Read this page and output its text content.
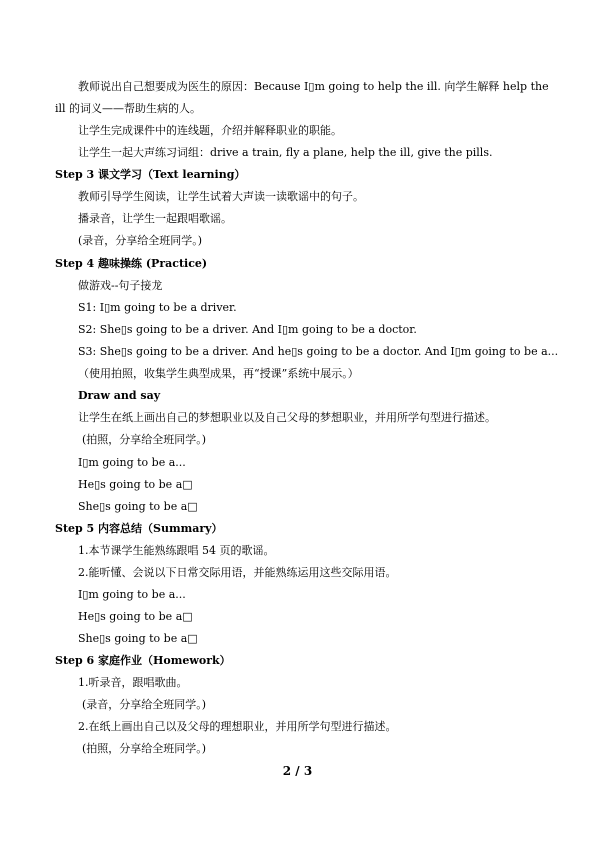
教师说出自己想要成为医生的原因：Because I▯m going to help the ill. 向学生解释 help the
ill 的词义——帮助生病的人。
让学生完成课件中的连线题，介绍并解释职业的职能。
让学生一起大声练习词组：drive a train, fly a plane, help the ill, give the pills.
Step 3 课文学习（Text learning）
教师引导学生阅读，让学生试着大声读一读歌谣中的句子。
播录音，让学生一起跟唱歌谣。
(录音，分享给全班同学。)
Step 4 趣味操练 (Practice)
做游戏--句子接龙
S1: I▯m going to be a driver.
S2: She▯s going to be a driver. And I▯m going to be a doctor.
S3: She▯s going to be a driver. And he▯s going to be a doctor. And I▯m going to be a...
（使用拍照，收集学生典型成果，再“授课”系统中展示。）
Draw and say
让学生在纸上画出自己的梦想职业以及自己父母的梦想职业，并用所学句型进行描述。
(拍照，分享给全班同学。)
I▯m going to be a...
He▯s going to be a□
She▯s going to be a□
Step 5 内容总结（Summary）
1.本节课学生能熟练跟唱 54 页的歌谣。
2.能听懂、会说以下日常交际用语，并能熟练运用这些交际用语。
I▯m going to be a...
He▯s going to be a□
She▯s going to be a□
Step 6 家庭作业（Homework）
1.听录音，跟唱歌曲。
(录音，分享给全班同学。)
2.在纸上画出自己以及父母的理想职业，并用所学句型进行描述。
(拍照，分享给全班同学。)
2 / 3
